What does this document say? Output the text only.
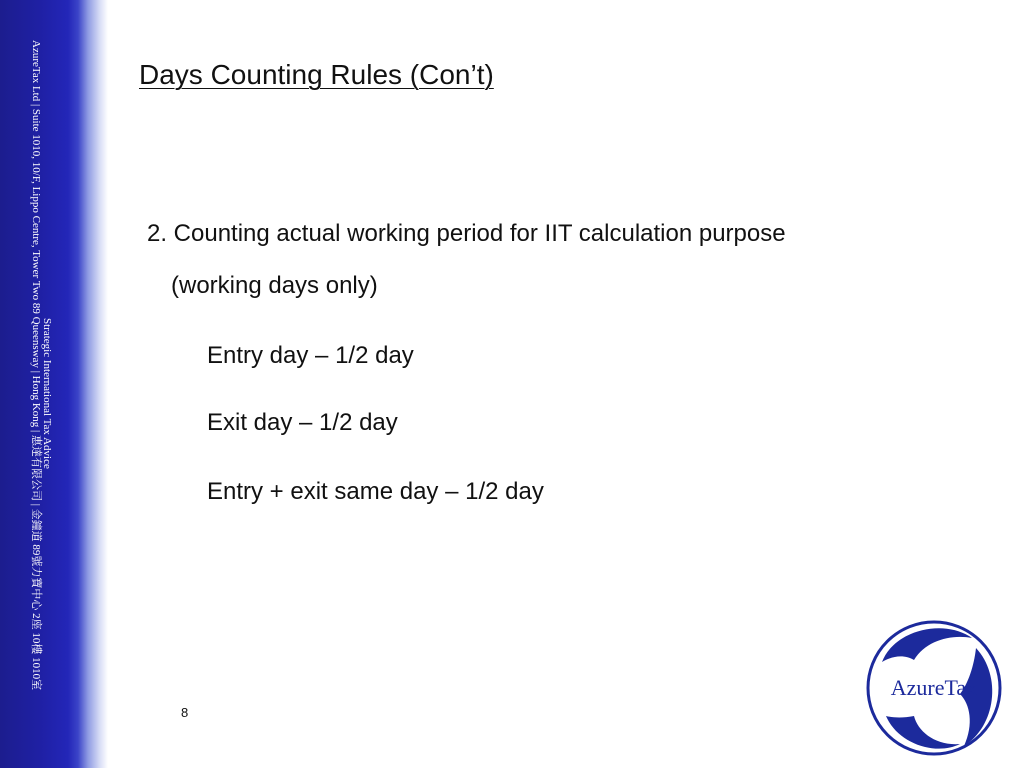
AzureTax Ltd | Suite 1010, 10/F, Lippo Centre, Tower Two 89 Queensway | Hong Kong | 惠達有限公司 | 金鐘道 89號力寶中心 2座 10樓 1010室 Strategic International Tax Advice
Days Counting Rules (Con’t)
2. Counting actual working period for IIT calculation purpose
(working days only)
Entry day – 1/2 day
Exit day – 1/2 day
Entry + exit same day – 1/2 day
8
AzureTax
